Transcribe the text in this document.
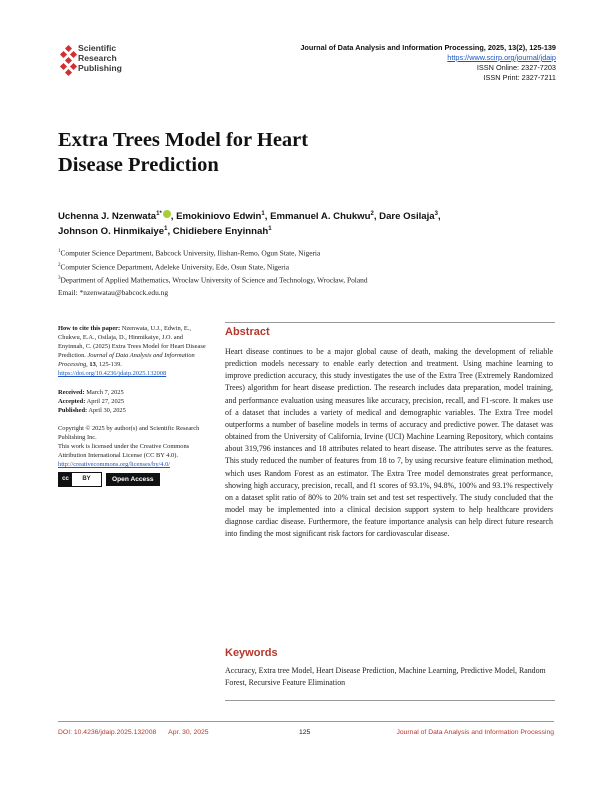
Scientific
Research
Publishing
Journal of Data Analysis and Information Processing, 2025, 13(2), 125-139
https://www.scirp.org/journal/jdaip
ISSN Online: 2327-7203
ISSN Print: 2327-7211
Extra Trees Model for Heart
Disease Prediction
Uchenna J. Nzenwata$^{1*}$ , Emokiniovo Edwin$^1$, Emmanuel A. Chukwu$^2$, Dare Osilaja$^3$,
Johnson O. Hinmikaiye$^1$, Chidiebere Enyinnah$^1$
$^1$Computer Science Department, Babcock University, Ilishan-Remo, Ogun State, Nigeria
$^2$Computer Science Department, Adeleke University, Ede, Osun State, Nigeria
$^3$Department of Applied Mathematics, Wrocław University of Science and Technology, Wrocław, Poland
Email: *nzenwatau@babcock.edu.ng
How to cite this paper: Nzenwata, U.J., Edwin, E., Chukwu, E.A., Osilaja, D., Hinmikaiye, J.O. and Enyinnah, C. (2025) Extra Trees Model for Heart Disease Prediction. Journal of Data Analysis and Information Processing, 13, 125-139.
https://doi.org/10.4236/jdaip.2025.132008
Received: March 7, 2025
Accepted: April 27, 2025
Published: April 30, 2025
Copyright © 2025 by author(s) and Scientific Research Publishing Inc.
This work is licensed under the Creative Commons Attribution International License (CC BY 4.0).
http://creativecommons.org/licenses/by/4.0/
cc	BY	Open Access
Abstract
Heart disease continues to be a major global cause of death, making the development of reliable prediction models necessary to enable early detection and treatment. Using machine learning to improve prediction accuracy, this study investigates the use of the Extra Tree (Extremely Randomized Trees) algorithm for heart disease prediction. The research includes data preparation, model training, and performance evaluation using measures like accuracy, precision, recall, and F1-score. It makes use of a dataset that includes a variety of medical and demographic variables. The Extra Tree model outperforms a number of baseline models in terms of accuracy and predictive power. The dataset was obtained from the University of California, Irvine (UCI) Machine Learning Repository, which contains about 319,796 instances and 18 attributes related to heart disease. The attributes serve as the features. This study reduced the number of features from 18 to 7, by using recursive feature elimination method, which uses Random Forest as an estimator. The Extra Tree model demonstrates great performance, showing high accuracy, precision, recall, and f1 scores of 93.1%, 94.8%, 100% and 93.1% respectively on a dataset split ratio of 80% to 20% train set and test set respectively. The study concluded that the model may be implemented into a clinical decision support system to help healthcare providers diagnose cardiac disease. Furthermore, the feature importance analysis can help direct future research into finding the most significant risk factors for cardiovascular disease.
Keywords
Accuracy, Extra tree Model, Heart Disease Prediction, Machine Learning, Predictive Model, Random Forest, Recursive Feature Elimination
DOI: 10.4236/jdaip.2025.132008 Apr. 30, 2025	125	Journal of Data Analysis and Information Processing
